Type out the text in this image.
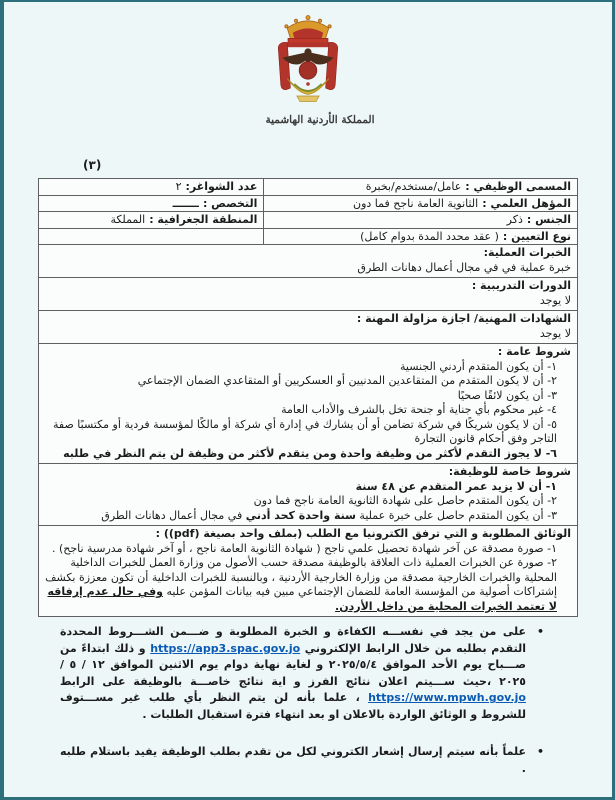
المملكة الأردنية الهاشمية
(٣)
المسمى الوظيفي :
عامل/مستخدم/بخبرة
عدد الشواغر:
٢
المؤهل العلمي :
الثانوية العامة ناجح فما دون
التخصص :
ـــــــ
الجنس :
ذكر
المنطقة الجغرافية :
المملكة
نوع التعيين :
( عقد محدد المدة بدوام كامل)
الخبرات العملية:
خبرة عملية في في مجال أعمال دهانات الطرق
الدورات التدريبية :
لا يوجد
الشهادات المهنية/ اجازة مزاولة المهنة :
لا يوجد
شروط عامة :
١- أن يكون المتقدم أردني الجنسية
٢- أن لا يكون المتقدم من المتقاعدين المدنيين أو العسكريين أو المتقاعدي الضمان الإجتماعي
٣- أن يكون لائقًا صحيًا
٤- غير محكوم بأي جناية أو جنحة تخل بالشرف والأداب العامة
٥- أن لا يكون شريكًا في شركة تضامن أو أن يشارك في إدارة أي شركة أو مالكًا لمؤسسة فردية أو مكتسبًا صفة التاجر وفق أحكام قانون التجارة
٦- لا يجوز التقدم لأكثر من وظيفة واحدة ومن يتقدم لأكثر من وظيفة لن يتم النظر في طلبه
شروط خاصة للوظيفة:
١- أن لا يزيد عمر المتقدم عن ٤٨ سنة
٢- أن يكون المتقدم حاصل على شهادة الثانوية العامة ناجح فما دون
٣- أن يكون المتقدم حاصل على خبرة عملية سنة واحدة كحد أدني في مجال أعمال دهانات الطرق
الوثائق المطلوبة و التي ترفق الكترونيا مع الطلب (بملف واحد بصيغة (pdf)) :
١- صورة مصدقة عن آخر شهادة تحصيل علمي ناجح ( شهادة الثانوية العامة ناجح ، أو آخر شهادة مدرسية ناجح) .
٢- صورة عن الخبرات العملية ذات العلاقة بالوظيفة مصدقة حسب الأصول من وزارة العمل للخبرات الداخلية المحلية والخبرات الخارجية مصدقة من وزارة الخارجية الأردنية ، وبالنسبة للخبرات الداخلية أن تكون معززة بكشف إشتراكات أصولية من المؤسسة العامة للضمان الإجتماعي مبين فيه بيانات المؤمن عليه وفي حال عدم إرفاقه لا تعتمد الخبرات المحلية من داخل الأردن.
•

على من يجد في نفســـه الكفاءة و الخبرة المطلوبة و ضـــمن الشـــروط المحددة التقدم بطلبه من خلال الرابط الإلكتروني https://app3.spac.gov.jo و ذلك ابتداءً من صـــباح يوم الأحد الموافق ٢٠٢٥/٥/٤ و لغاية نهاية دوام يوم الاثنين الموافق ١٢ / ٥ /٢٠٢٥ ،حيث ســـيتم اعلان نتائج الفرز و اية نتائج خاصـــة بالوظيفة على الرابط https://www.mpwh.gov.jo ، علما بأنه لن يتم النظر بأي طلب غير مســـتوف للشروط و الوثائق الواردة بالاعلان او بعد انتهاء فترة استقبال الطلبات .

•

علماً بأنه سيتم إرسال إشعار الكتروني لكل من تقدم بطلب الوظيفة يفيد باستلام طلبه .
